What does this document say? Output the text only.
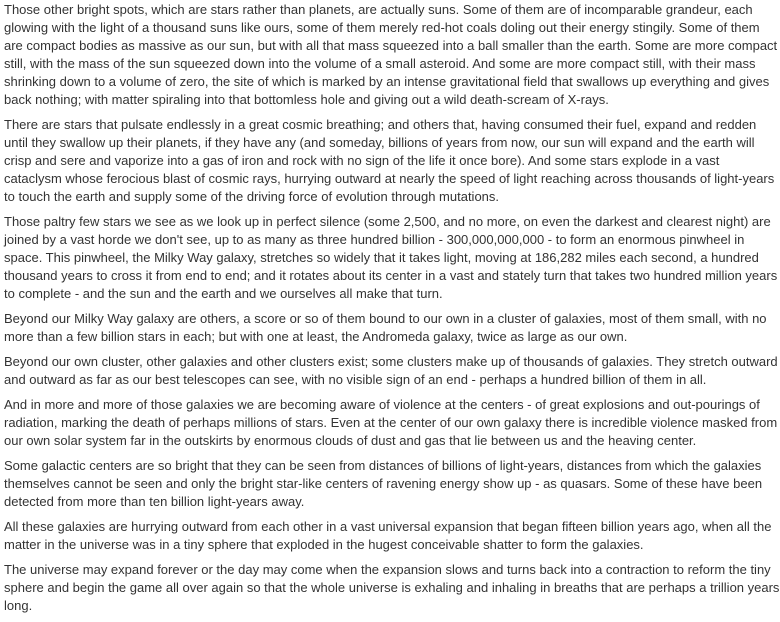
Those other bright spots, which are stars rather than planets, are actually suns. Some of them are of incomparable grandeur, each glowing with the light of a thousand suns like ours, some of them merely red-hot coals doling out their energy stingily. Some of them are compact bodies as massive as our sun, but with all that mass squeezed into a ball smaller than the earth. Some are more compact still, with the mass of the sun squeezed down into the volume of a small asteroid. And some are more compact still, with their mass shrinking down to a volume of zero, the site of which is marked by an intense gravitational field that swallows up everything and gives back nothing; with matter spiraling into that bottomless hole and giving out a wild death-scream of X-rays.

There are stars that pulsate endlessly in a great cosmic breathing; and others that, having consumed their fuel, expand and redden until they swallow up their planets, if they have any (and someday, billions of years from now, our sun will expand and the earth will crisp and sere and vaporize into a gas of iron and rock with no sign of the life it once bore). And some stars explode in a vast cataclysm whose ferocious blast of cosmic rays, hurrying outward at nearly the speed of light reaching across thousands of light-years to touch the earth and supply some of the driving force of evolution through mutations.

Those paltry few stars we see as we look up in perfect silence (some 2,500, and no more, on even the darkest and clearest night) are joined by a vast horde we don't see, up to as many as three hundred billion - 300,000,000,000 - to form an enormous pinwheel in space. This pinwheel, the Milky Way galaxy, stretches so widely that it takes light, moving at 186,282 miles each second, a hundred thousand years to cross it from end to end; and it rotates about its center in a vast and stately turn that takes two hundred million years to complete - and the sun and the earth and we ourselves all make that turn.

Beyond our Milky Way galaxy are others, a score or so of them bound to our own in a cluster of galaxies, most of them small, with no more than a few billion stars in each; but with one at least, the Andromeda galaxy, twice as large as our own.

Beyond our own cluster, other galaxies and other clusters exist; some clusters make up of thousands of galaxies. They stretch outward and outward as far as our best telescopes can see, with no visible sign of an end - perhaps a hundred billion of them in all.

And in more and more of those galaxies we are becoming aware of violence at the centers - of great explosions and out-pourings of radiation, marking the death of perhaps millions of stars. Even at the center of our own galaxy there is incredible violence masked from our own solar system far in the outskirts by enormous clouds of dust and gas that lie between us and the heaving center.

Some galactic centers are so bright that they can be seen from distances of billions of light-years, distances from which the galaxies themselves cannot be seen and only the bright star-like centers of ravening energy show up - as quasars. Some of these have been detected from more than ten billion light-years away.

All these galaxies are hurrying outward from each other in a vast universal expansion that began fifteen billion years ago, when all the matter in the universe was in a tiny sphere that exploded in the hugest conceivable shatter to form the galaxies.

The universe may expand forever or the day may come when the expansion slows and turns back into a contraction to reform the tiny sphere and begin the game all over again so that the whole universe is exhaling and inhaling in breaths that are perhaps a trillion years long.
